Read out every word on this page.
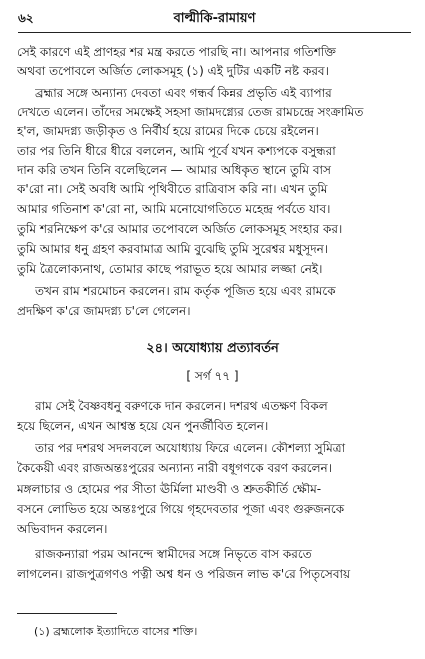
৬২	বাল্মীকি-রামায়ণ
সেই কারণে এই প্রাণহর শর মন্ত্র করতে পারছি না। আপনার গতিশক্তি
অথবা তপোবলে অর্জিত লোকসমূহ (১) এই দুটির একটি নষ্ট করব।
ব্রহ্মার সঙ্গে অন্যান্য দেবতা এবং গন্ধর্ব কিন্নর প্রভৃতি এই ব্যাপার
দেখতে এলেন। তাঁদের সমক্ষেই সহসা জামদগ্ন্যের তেজ রামচন্দ্রে সংক্রামিত
হ'ল, জামদগ্ন্য জড়ীকৃত ও নির্বীর্য হয়ে রামের দিকে চেয়ে রইলেন।
তার পর তিনি ধীরে ধীরে বললেন, আমি পূর্বে যখন কশ্যপকে বসুন্ধরা
দান করি তখন তিনি বলেছিলেন — আমার অধিকৃত স্থানে তুমি বাস
ক'রো না। সেই অবধি আমি পৃথিবীতে রাত্রিবাস করি না। এখন তুমি
আমার গতিনাশ ক'রো না, আমি মনোযোগতিতে মহেন্দ্র পর্বতে যাব।
তুমি শরনিক্ষেপ ক'রে আমার তপোবলে অর্জিত লোকসমূহ সংহার কর।
তুমি আমার ধনু গ্রহণ করবামাত্র আমি বুঝেছি তুমি সুরেশ্বর মধুসূদন।
তুমি ত্রৈলোক্যনাথ, তোমার কাছে পরাভূত হয়ে আমার লজ্জা নেই।
তখন রাম শরমোচন করলেন। রাম কর্তৃক পূজিত হয়ে এবং রামকে
প্রদক্ষিণ ক'রে জামদগ্ন্য চ'লে গেলেন।
২৪। অযোধ্যায় প্রত্যাবর্তন
[ সর্গ ৭৭ ]
রাম সেই বৈষ্ণবধনু বরুণকে দান করলেন। দশরথ এতক্ষণ বিকল
হয়ে ছিলেন, এখন আশ্বস্ত হয়ে যেন পুনর্জীবিত হলেন।
তার পর দশরথ সদলবলে অযোধ্যায় ফিরে এলেন। কৌশল্যা সুমিত্রা
কৈকেয়ী এবং রাজঅন্তঃপুরের অন্যান্য নারী বধূগণকে বরণ করলেন।
মঙ্গলাচার ও হোমের পর সীতা ঊর্মিলা মাণ্ডবী ও শ্রুতকীর্তি ক্ষৌম-
বসনে লোভিত হয়ে অন্তঃপুরে গিয়ে গৃহদেবতার পূজা এবং গুরুজনকে
অভিবাদন করলেন।
রাজকন্যারা পরম আনন্দে স্বামীদের সঙ্গে নিভৃতে বাস করতে
লাগলেন। রাজপুত্রগণও পত্নী অশ্ব ধন ও পরিজন লাভ ক'রে পিতৃসেবায়
(১) ব্রহ্মলোক ইত্যাদিতে বাসের শক্তি।
